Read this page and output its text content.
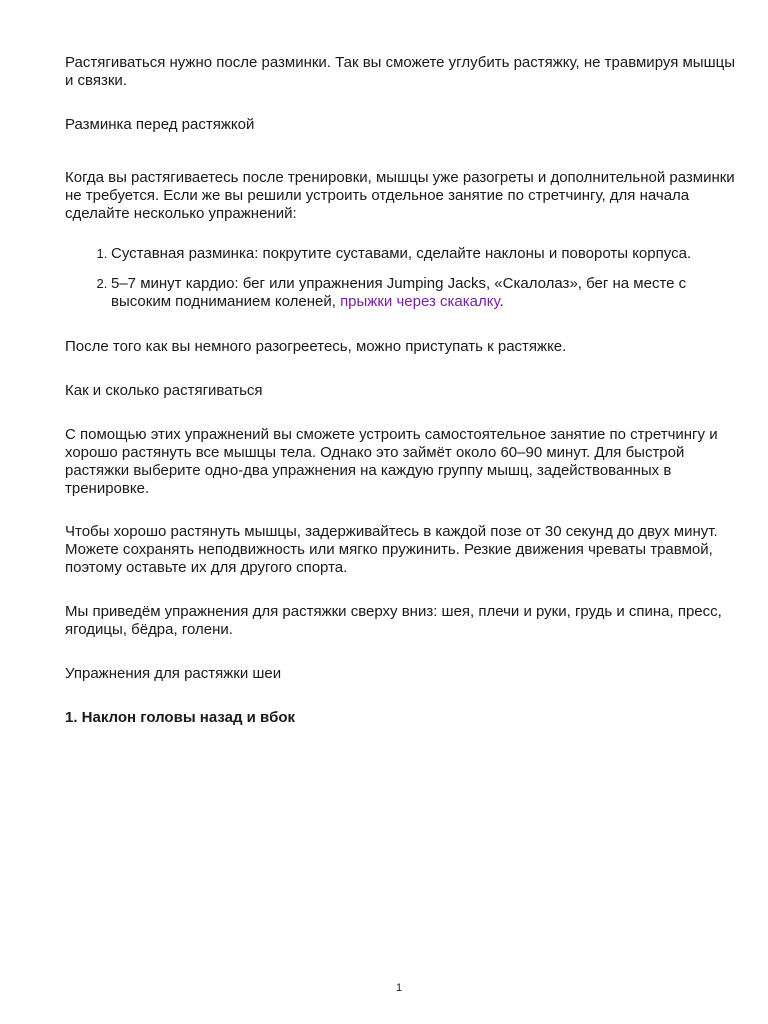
Растягиваться нужно после разминки. Так вы сможете углубить растяжку, не травмируя мышцы и связки.

Разминка перед растяжкой

Когда вы растягиваетесь после тренировки, мышцы уже разогреты и дополнительной разминки не требуется. Если же вы решили устроить отдельное занятие по стретчингу, для начала сделайте несколько упражнений:

1. Суставная разминка: покрутите суставами, сделайте наклоны и повороты корпуса.
2. 5–7 минут кардио: бег или упражнения Jumping Jacks, «Скалолаз», бег на месте с высоким подниманием коленей, прыжки через скакалку.

После того как вы немного разогреетесь, можно приступать к растяжке.

Как и сколько растягиваться

С помощью этих упражнений вы сможете устроить самостоятельное занятие по стретчингу и хорошо растянуть все мышцы тела. Однако это займёт около 60–90 минут. Для быстрой растяжки выберите одно-два упражнения на каждую группу мышц, задействованных в тренировке.

Чтобы хорошо растянуть мышцы, задерживайтесь в каждой позе от 30 секунд до двух минут. Можете сохранять неподвижность или мягко пружинить. Резкие движения чреваты травмой, поэтому оставьте их для другого спорта.

Мы приведём упражнения для растяжки сверху вниз: шея, плечи и руки, грудь и спина, пресс, ягодицы, бёдра, голени.

Упражнения для растяжки шеи

1. Наклон головы назад и вбок

1
